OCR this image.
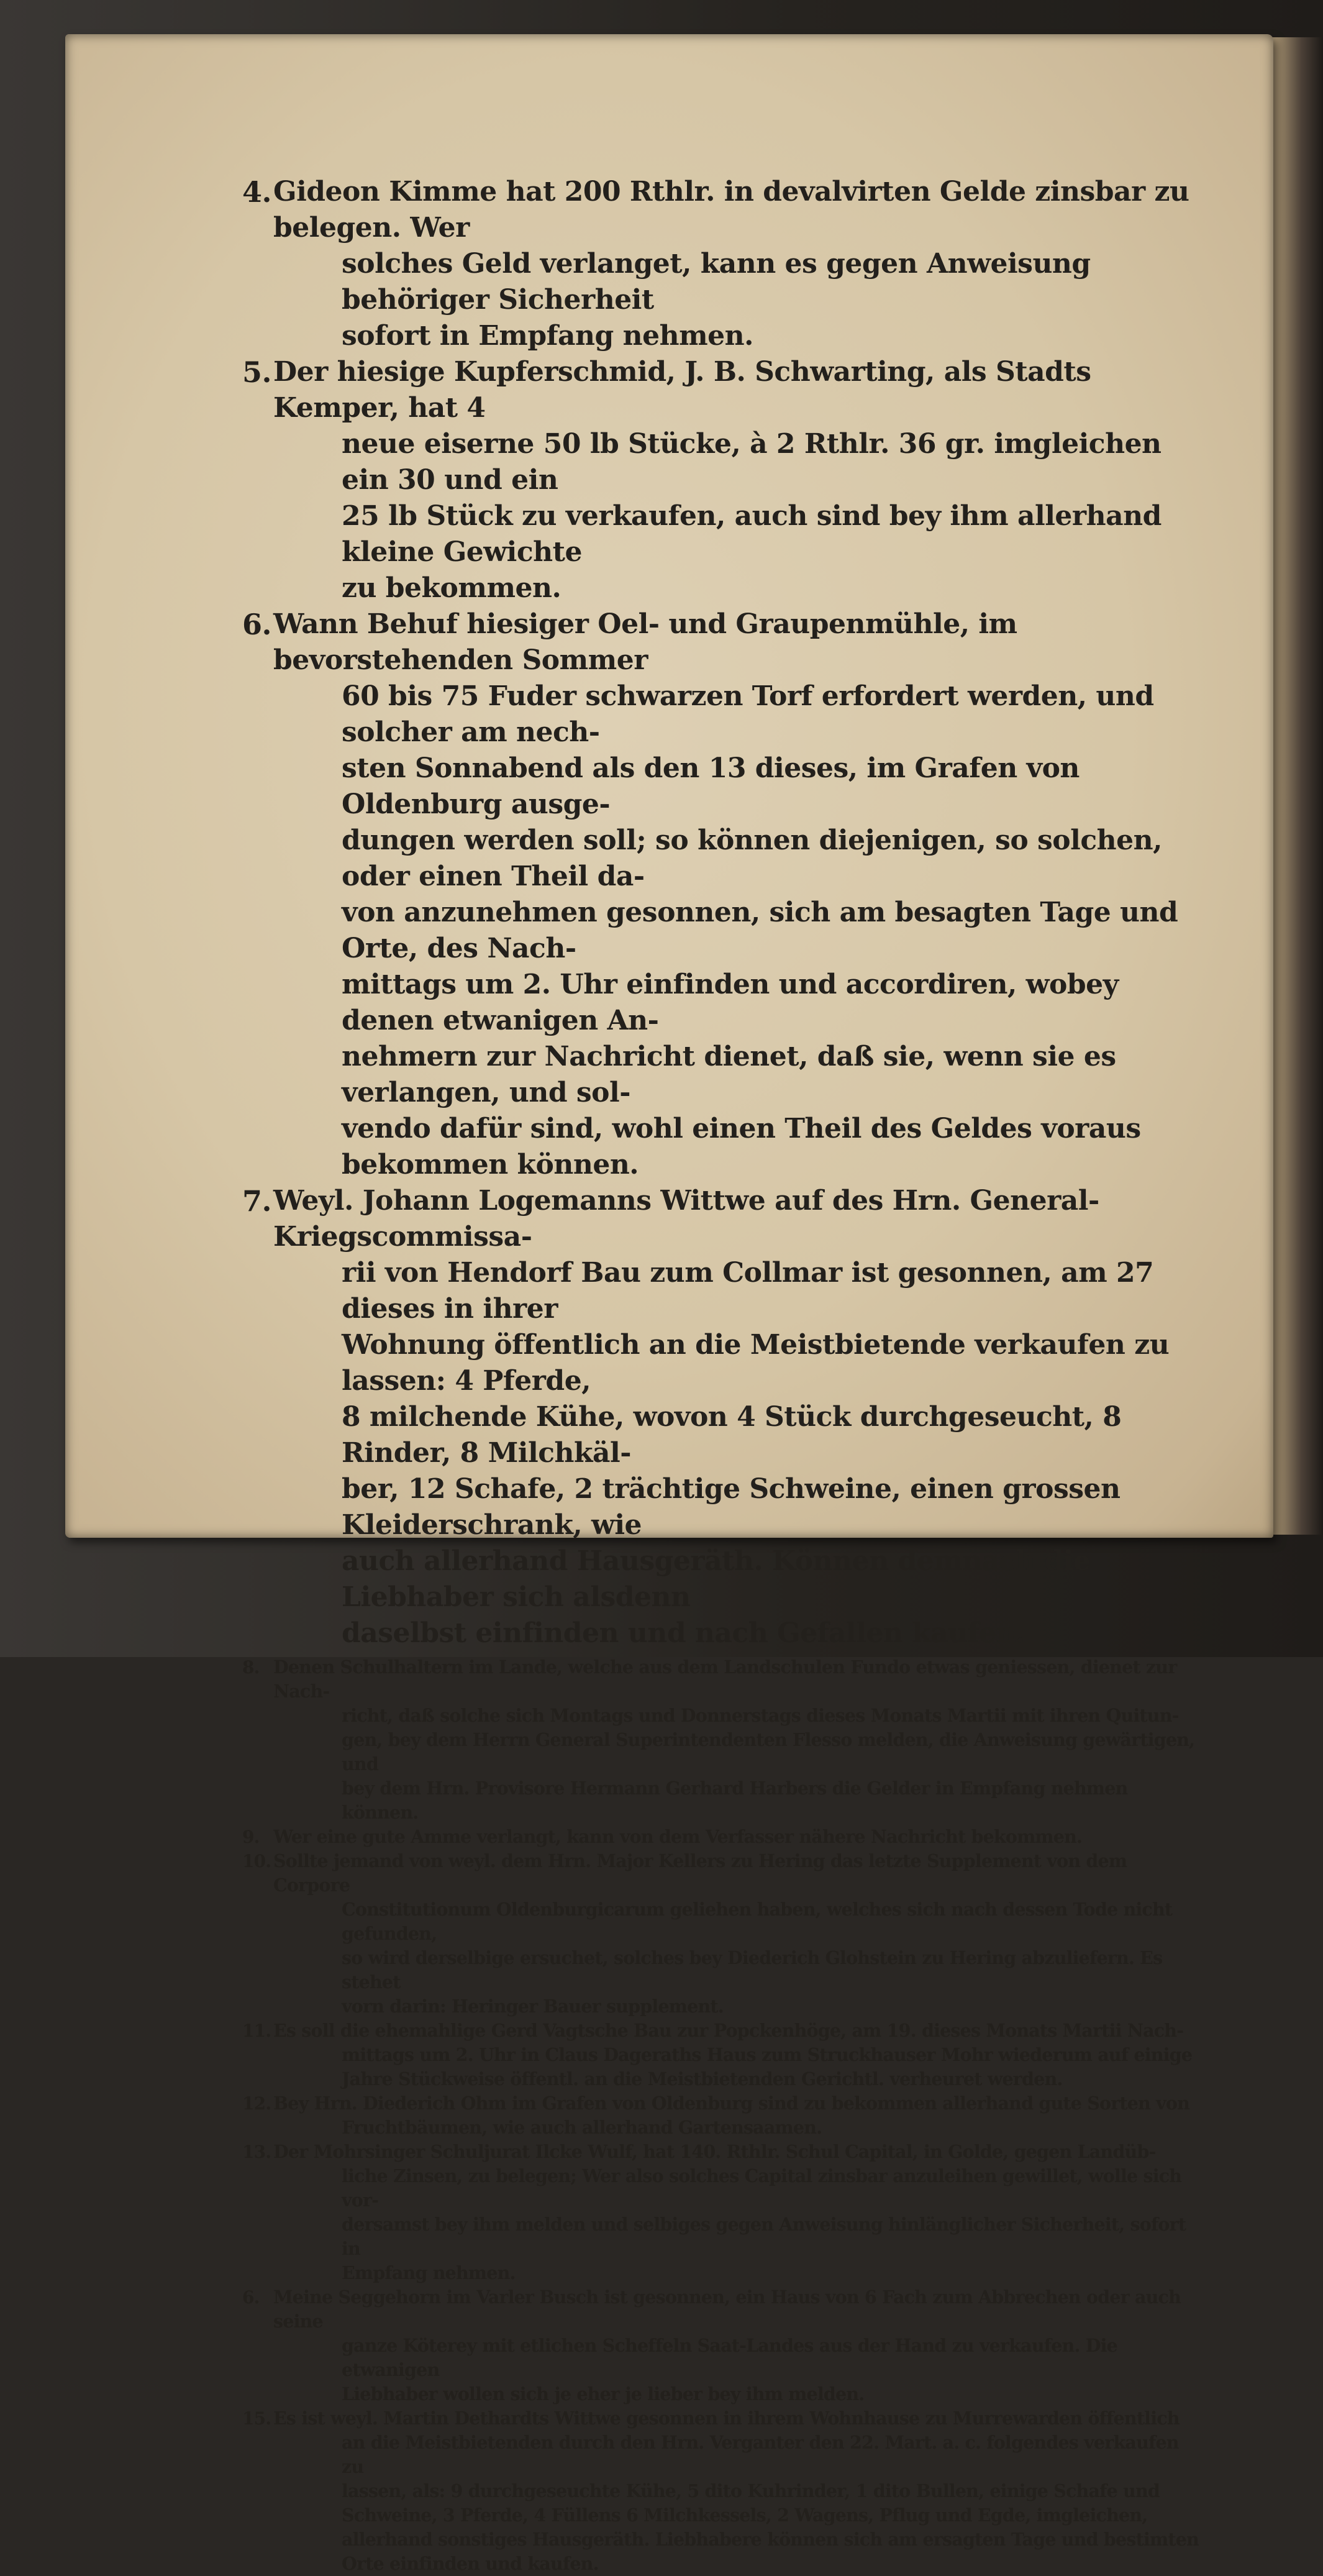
4. Gideon Kimme hat 200 Rthlr. in devalvirten Gelde zinsbar zu belegen. Wer

solches Geld verlanget, kann es gegen Anweisung behöriger Sicherheit

sofort in Empfang nehmen.

5. Der hiesige Kupferschmid, J. B. Schwarting, als Stadts Kemper, hat 4

neue eiserne 50 lb Stücke, à 2 Rthlr. 36 gr. imgleichen ein 30 und ein

25 lb Stück zu verkaufen, auch sind bey ihm allerhand kleine Gewichte

zu bekommen.

6. Wann Behuf hiesiger Oel- und Graupenmühle, im bevorstehenden Sommer

60 bis 75 Fuder schwarzen Torf erfordert werden, und solcher am nech-

sten Sonnabend als den 13 dieses, im Grafen von Oldenburg ausge-

dungen werden soll; so können diejenigen, so solchen, oder einen Theil da-

von anzunehmen gesonnen, sich am besagten Tage und Orte, des Nach-

mittags um 2. Uhr einfinden und accordiren, wobey denen etwanigen An-

nehmern zur Nachricht dienet, daß sie, wenn sie es verlangen, und sol-

vendo dafür sind, wohl einen Theil des Geldes voraus bekommen können.

7. Weyl. Johann Logemanns Wittwe auf des Hrn. General-Kriegscommissa-

rii von Hendorf Bau zum Collmar ist gesonnen, am 27 dieses in ihrer

Wohnung öffentlich an die Meistbietende verkaufen zu lassen: 4 Pferde,

8 milchende Kühe, wovon 4 Stück durchgeseucht, 8 Rinder, 8 Milchkäl-

ber, 12 Schafe, 2 trächtige Schweine, einen grossen Kleiderschrank, wie

auch allerhand Hausgeräth. Können demnach die Liebhaber sich alsdenn

daselbst einfinden und nach Gefallen kaufen.

8. Denen Schulhaltern im Lande, welche aus dem Landschulen Fundo etwas geniessen, dienet zur Nach-

richt, daß solche sich Montags und Donnerstags dieses Monats Martii mit ihren Quitun-

gen, bey dem Herrn General Superintendenten Flesso melden, die Anweisung gewärtigen, und

bey dem Hrn. Provisore Hermann Gerhard Harbers die Gelder in Empfang nehmen können.

9. Wer eine gute Amme verlangt, kann von dem Verfasser nähere Nachricht bekommen.

10. Sollte jemand von weyl. dem Hrn. Major Kellers zu Hering das letzte Supplement von dem Corpore

Constitutionum Oldenburgicarum geliehen haben, welches sich nach dessen Tode nicht gefunden,

so wird derselbige ersuchet, solches bey Diederich Glohstein zu Hering abzuliefern. Es stehet

vorn darin: Heringer Bauer supplement.

11. Es soll die ehemahlige Gerd Vagtsche Bau zur Popckenhöge, am 19. dieses Monats Martii Nach-

mittags um 2. Uhr in Claus Dageraths Haus zum Struckhauser Mohr wiederum auf einige

Jahre Stückweise öffentl. an die Meistbietenden Gerichtl. verheuret werden.

12. Bey Hrn. Diederich Ohm im Grafen von Oldenburg sind zu bekommen allerhand gute Sorten von

Fruchtbäumen, wie auch allerhand Gartensaamen.

13. Der Mohrsinger Schuljurat Ilcke Wulf, hat 140. Rthlr. Schul Capital, in Golde, gegen Landüb-

liche Zinsen, zu belegen; Wer also solches Capital zinsbar anzuleihen gewillet, wolle sich vor-

dersamst bey ihm melden und selbiges gegen Anweisung hinlänglicher Sicherheit, sofort in

Empfang nehmen.

6. Meine Seggehorn im Varler Busch ist gesonnen, ein Haus von 6 Fach zum Abbrechen oder auch seine

ganze Köterey mit etlichen Scheffeln Saat-Landes aus der Hand zu verkaufen. Die etwanigen

Liebhaber wollen sich je eher je lieber bey ihm melden.

15. Es ist weyl. Martin Dethardts Wittwe gesonnen in ihrem Wohnhause zu Murrewarden öffentlich

an die Meistbietenden durch den Hrn. Verganter den 22. Mart. a. c. folgendes verkaufen zu

lassen, als: 9 durchgeseuchte Kühe, 5 dito Kuhrinder, 1 dito Bullen, einige Schafe und

Schweine, 3 Pferde, 4 Füllens 6 Milchkessels, 2 Wagens, Pflug und Egde, imgleichen,

allerhand sonstiges Hausgeräth. Liebhabere können sich am ersagten Tage und bestimten

Orte einfinden und kaufen.
